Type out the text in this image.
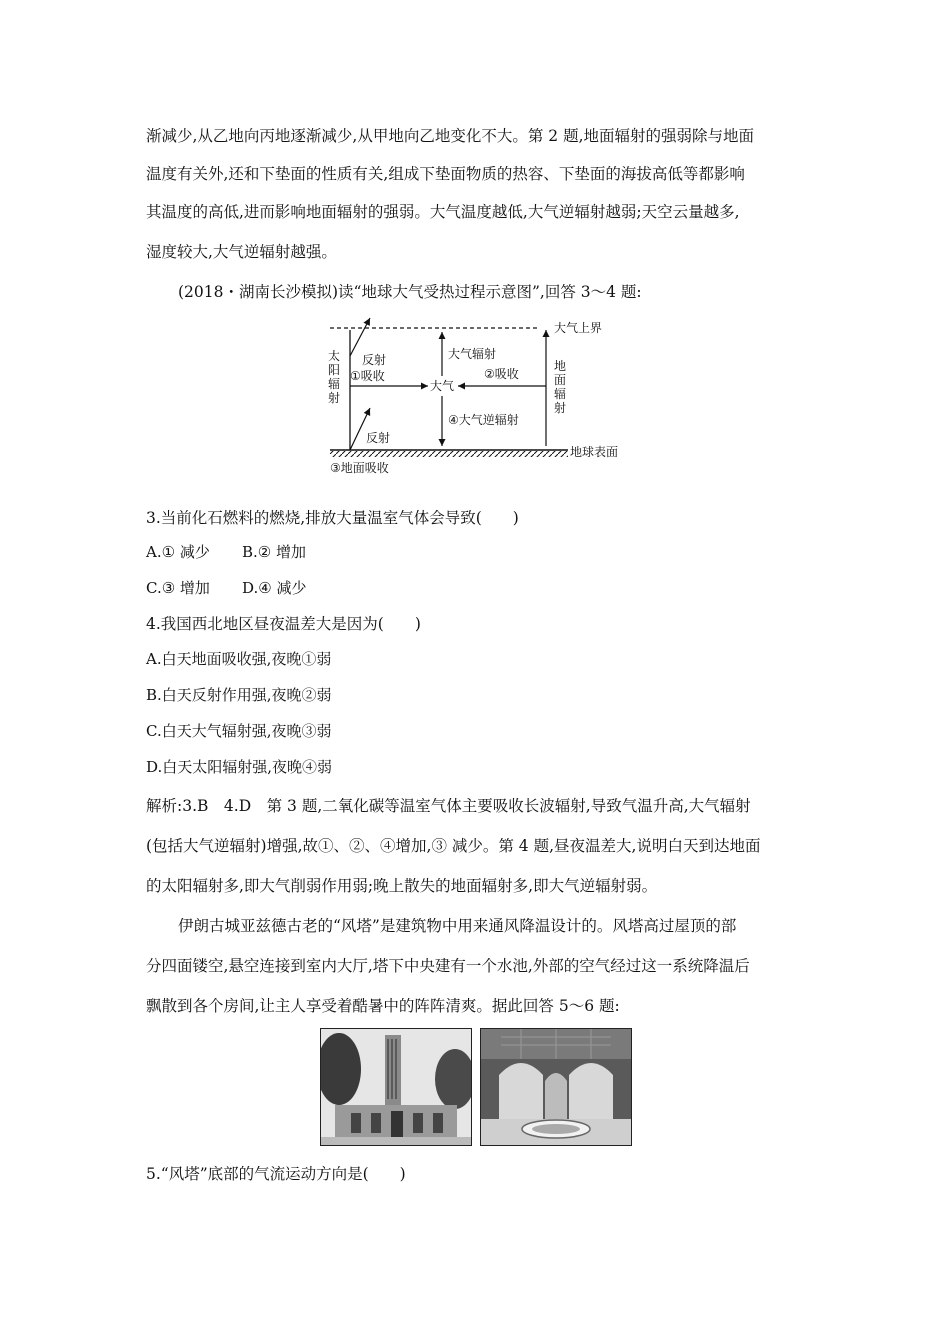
渐减少,从乙地向丙地逐渐减少,从甲地向乙地变化不大。第 2 题,地面辐射的强弱除与地面
温度有关外,还和下垫面的性质有关,组成下垫面物质的热容、下垫面的海拔高低等都影响
其温度的高低,进而影响地面辐射的强弱。大气温度越低,大气逆辐射越弱;天空云量越多,
湿度较大,大气逆辐射越强。
(2018・湖南长沙模拟)读“地球大气受热过程示意图”,回答 3～4 题:
大气上界
地球表面
太
阳
辐
射
反射
反射
①吸收
大气
②吸收
大气辐射
④大气逆辐射
地
面
辐
射
③地面吸收
3.当前化石燃料的燃烧,排放大量温室气体会导致(　　)
A.① 减少 B.② 增加
C.③ 增加 D.④ 减少
4.我国西北地区昼夜温差大是因为(　　)
A.白天地面吸收强,夜晚①弱
B.白天反射作用强,夜晚②弱
C.白天大气辐射强,夜晚③弱
D.白天太阳辐射强,夜晚④弱
解析:3.B　4.D　第 3 题,二氧化碳等温室气体主要吸收长波辐射,导致气温升高,大气辐射
(包括大气逆辐射)增强,故①、②、④增加,③ 减少。第 4 题,昼夜温差大,说明白天到达地面
的太阳辐射多,即大气削弱作用弱;晚上散失的地面辐射多,即大气逆辐射弱。
伊朗古城亚兹德古老的“风塔”是建筑物中用来通风降温设计的。风塔高过屋顶的部
分四面镂空,悬空连接到室内大厅,塔下中央建有一个水池,外部的空气经过这一系统降温后
飘散到各个房间,让主人享受着酷暑中的阵阵清爽。据此回答 5～6 题:
5.“风塔”底部的气流运动方向是(　　)
